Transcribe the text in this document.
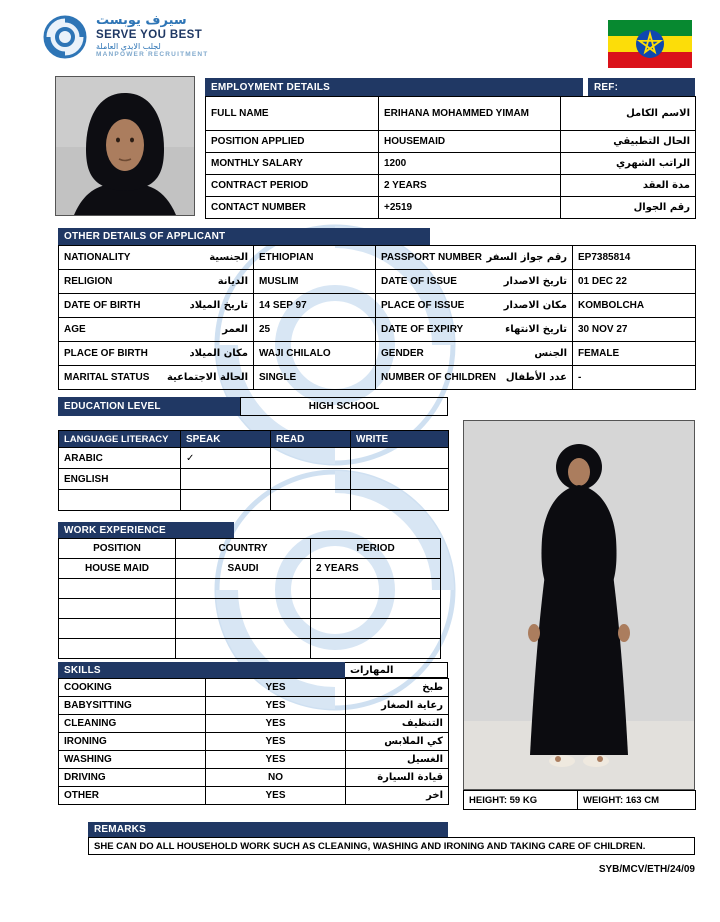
سيرف يوبست
SERVE YOU BEST
لجلب الايدي العاملة
MANPOWER RECRUITMENT
EMPLOYMENT DETAILS	REF:
FULL NAME	ERIHANA MOHAMMED YIMAM	الاسم الكامل
POSITION APPLIED	HOUSEMAID	الحال التطبيقي
MONTHLY SALARY	1200	الراتب الشهري
CONTRACT PERIOD	2 YEARS	مدة العقد
CONTACT NUMBER	+2519	رقم الجوال
OTHER DETAILS OF APPLICANT
NATIONALITY الجنسية	ETHIOPIAN	PASSPORT NUMBER رقم جواز السفر	EP7385814

RELIGION الديانة	MUSLIM	DATE OF ISSUE تاريخ الاصدار	01 DEC 22

DATE OF BIRTH تاريخ الميلاد	14 SEP 97	PLACE OF ISSUE مكان الاصدار	KOMBOLCHA

AGE العمر	25	DATE OF EXPIRY تاريخ الانتهاء	30 NOV 27

PLACE OF BIRTH مكان الميلاد	WAJI CHILALO	GENDER الجنس	FEMALE

MARITAL STATUS الحالة الاجتماعية	SINGLE	NUMBER OF CHILDREN عدد الأطفال	-
EDUCATION LEVEL	HIGH SCHOOL
LANGUAGE LITERACY	SPEAK	READ	WRITE
ARABIC	✓		
ENGLISH			

WORK EXPERIENCE
POSITION	COUNTRY	PERIOD
HOUSE MAID	SAUDI	2 YEARS

HEIGHT: 59 KG	WEIGHT: 163 CM
SKILLS	المهارات
COOKING	YES	طبخ
BABYSITTING	YES	رعاية الصغار
CLEANING	YES	التنظيف
IRONING	YES	كي الملابس
WASHING	YES	الغسيل
DRIVING	NO	قيادة السيارة
OTHER	YES	اخر
REMARKS
SHE CAN DO ALL HOUSEHOLD WORK SUCH AS CLEANING, WASHING AND IRONING AND TAKING CARE OF CHILDREN.
SYB/MCV/ETH/24/09
